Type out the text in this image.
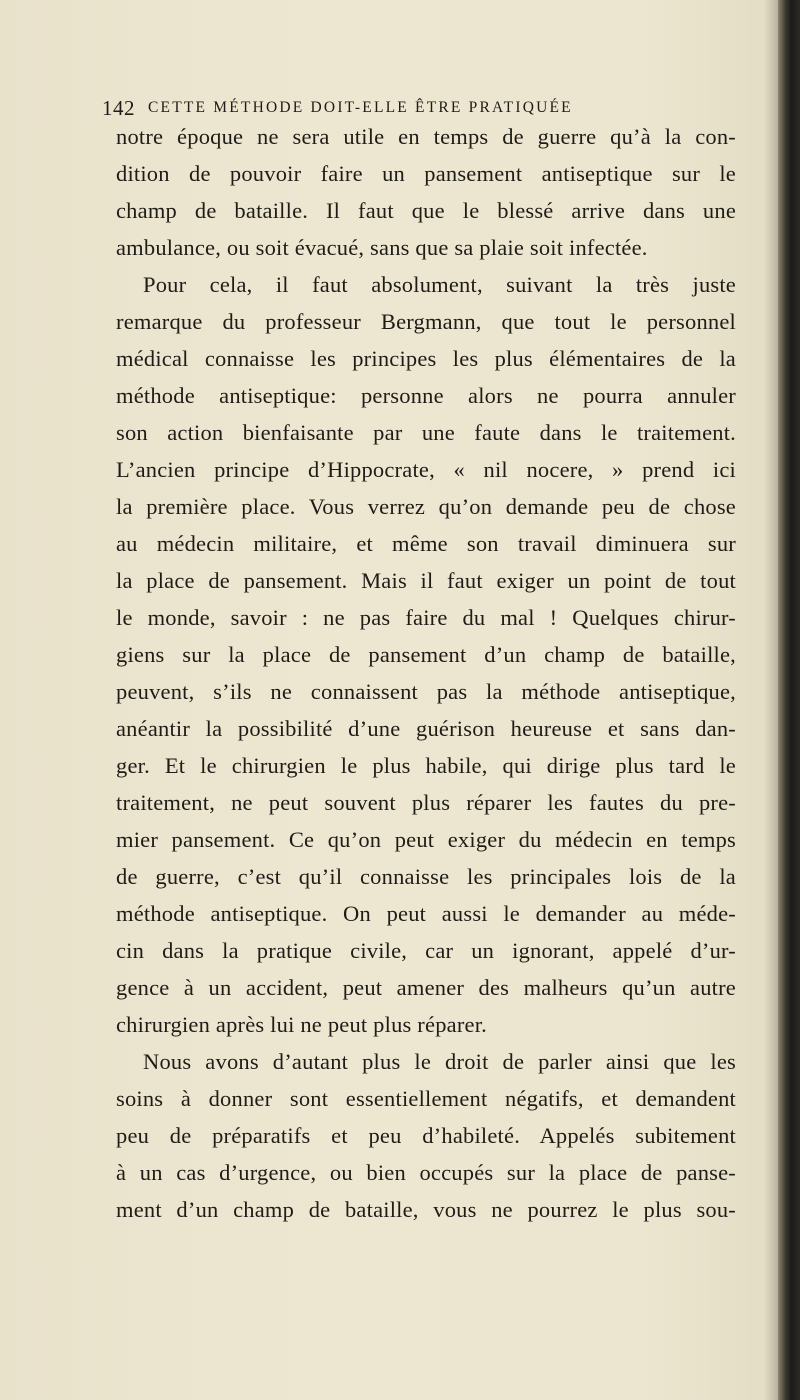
142 CETTE MÉTHODE DOIT-ELLE ÊTRE PRATIQUÉE
notre époque ne sera utile en temps de guerre qu’à la con-
dition de pouvoir faire un pansement antiseptique sur le
champ de bataille. Il faut que le blessé arrive dans une
ambulance, ou soit évacué, sans que sa plaie soit infectée.
Pour cela, il faut absolument, suivant la très juste
remarque du professeur Bergmann, que tout le personnel
médical connaisse les principes les plus élémentaires de la
méthode antiseptique: personne alors ne pourra annuler
son action bienfaisante par une faute dans le traitement.
L’ancien principe d’Hippocrate, « nil nocere, » prend ici
la première place. Vous verrez qu’on demande peu de chose
au médecin militaire, et même son travail diminuera sur
la place de pansement. Mais il faut exiger un point de tout
le monde, savoir : ne pas faire du mal ! Quelques chirur-
giens sur la place de pansement d’un champ de bataille,
peuvent, s’ils ne connaissent pas la méthode antiseptique,
anéantir la possibilité d’une guérison heureuse et sans dan-
ger. Et le chirurgien le plus habile, qui dirige plus tard le
traitement, ne peut souvent plus réparer les fautes du pre-
mier pansement. Ce qu’on peut exiger du médecin en temps
de guerre, c’est qu’il connaisse les principales lois de la
méthode antiseptique. On peut aussi le demander au méde-
cin dans la pratique civile, car un ignorant, appelé d’ur-
gence à un accident, peut amener des malheurs qu’un autre
chirurgien après lui ne peut plus réparer.
Nous avons d’autant plus le droit de parler ainsi que les
soins à donner sont essentiellement négatifs, et demandent
peu de préparatifs et peu d’habileté. Appelés subitement
à un cas d’urgence, ou bien occupés sur la place de panse-
ment d’un champ de bataille, vous ne pourrez le plus sou-
